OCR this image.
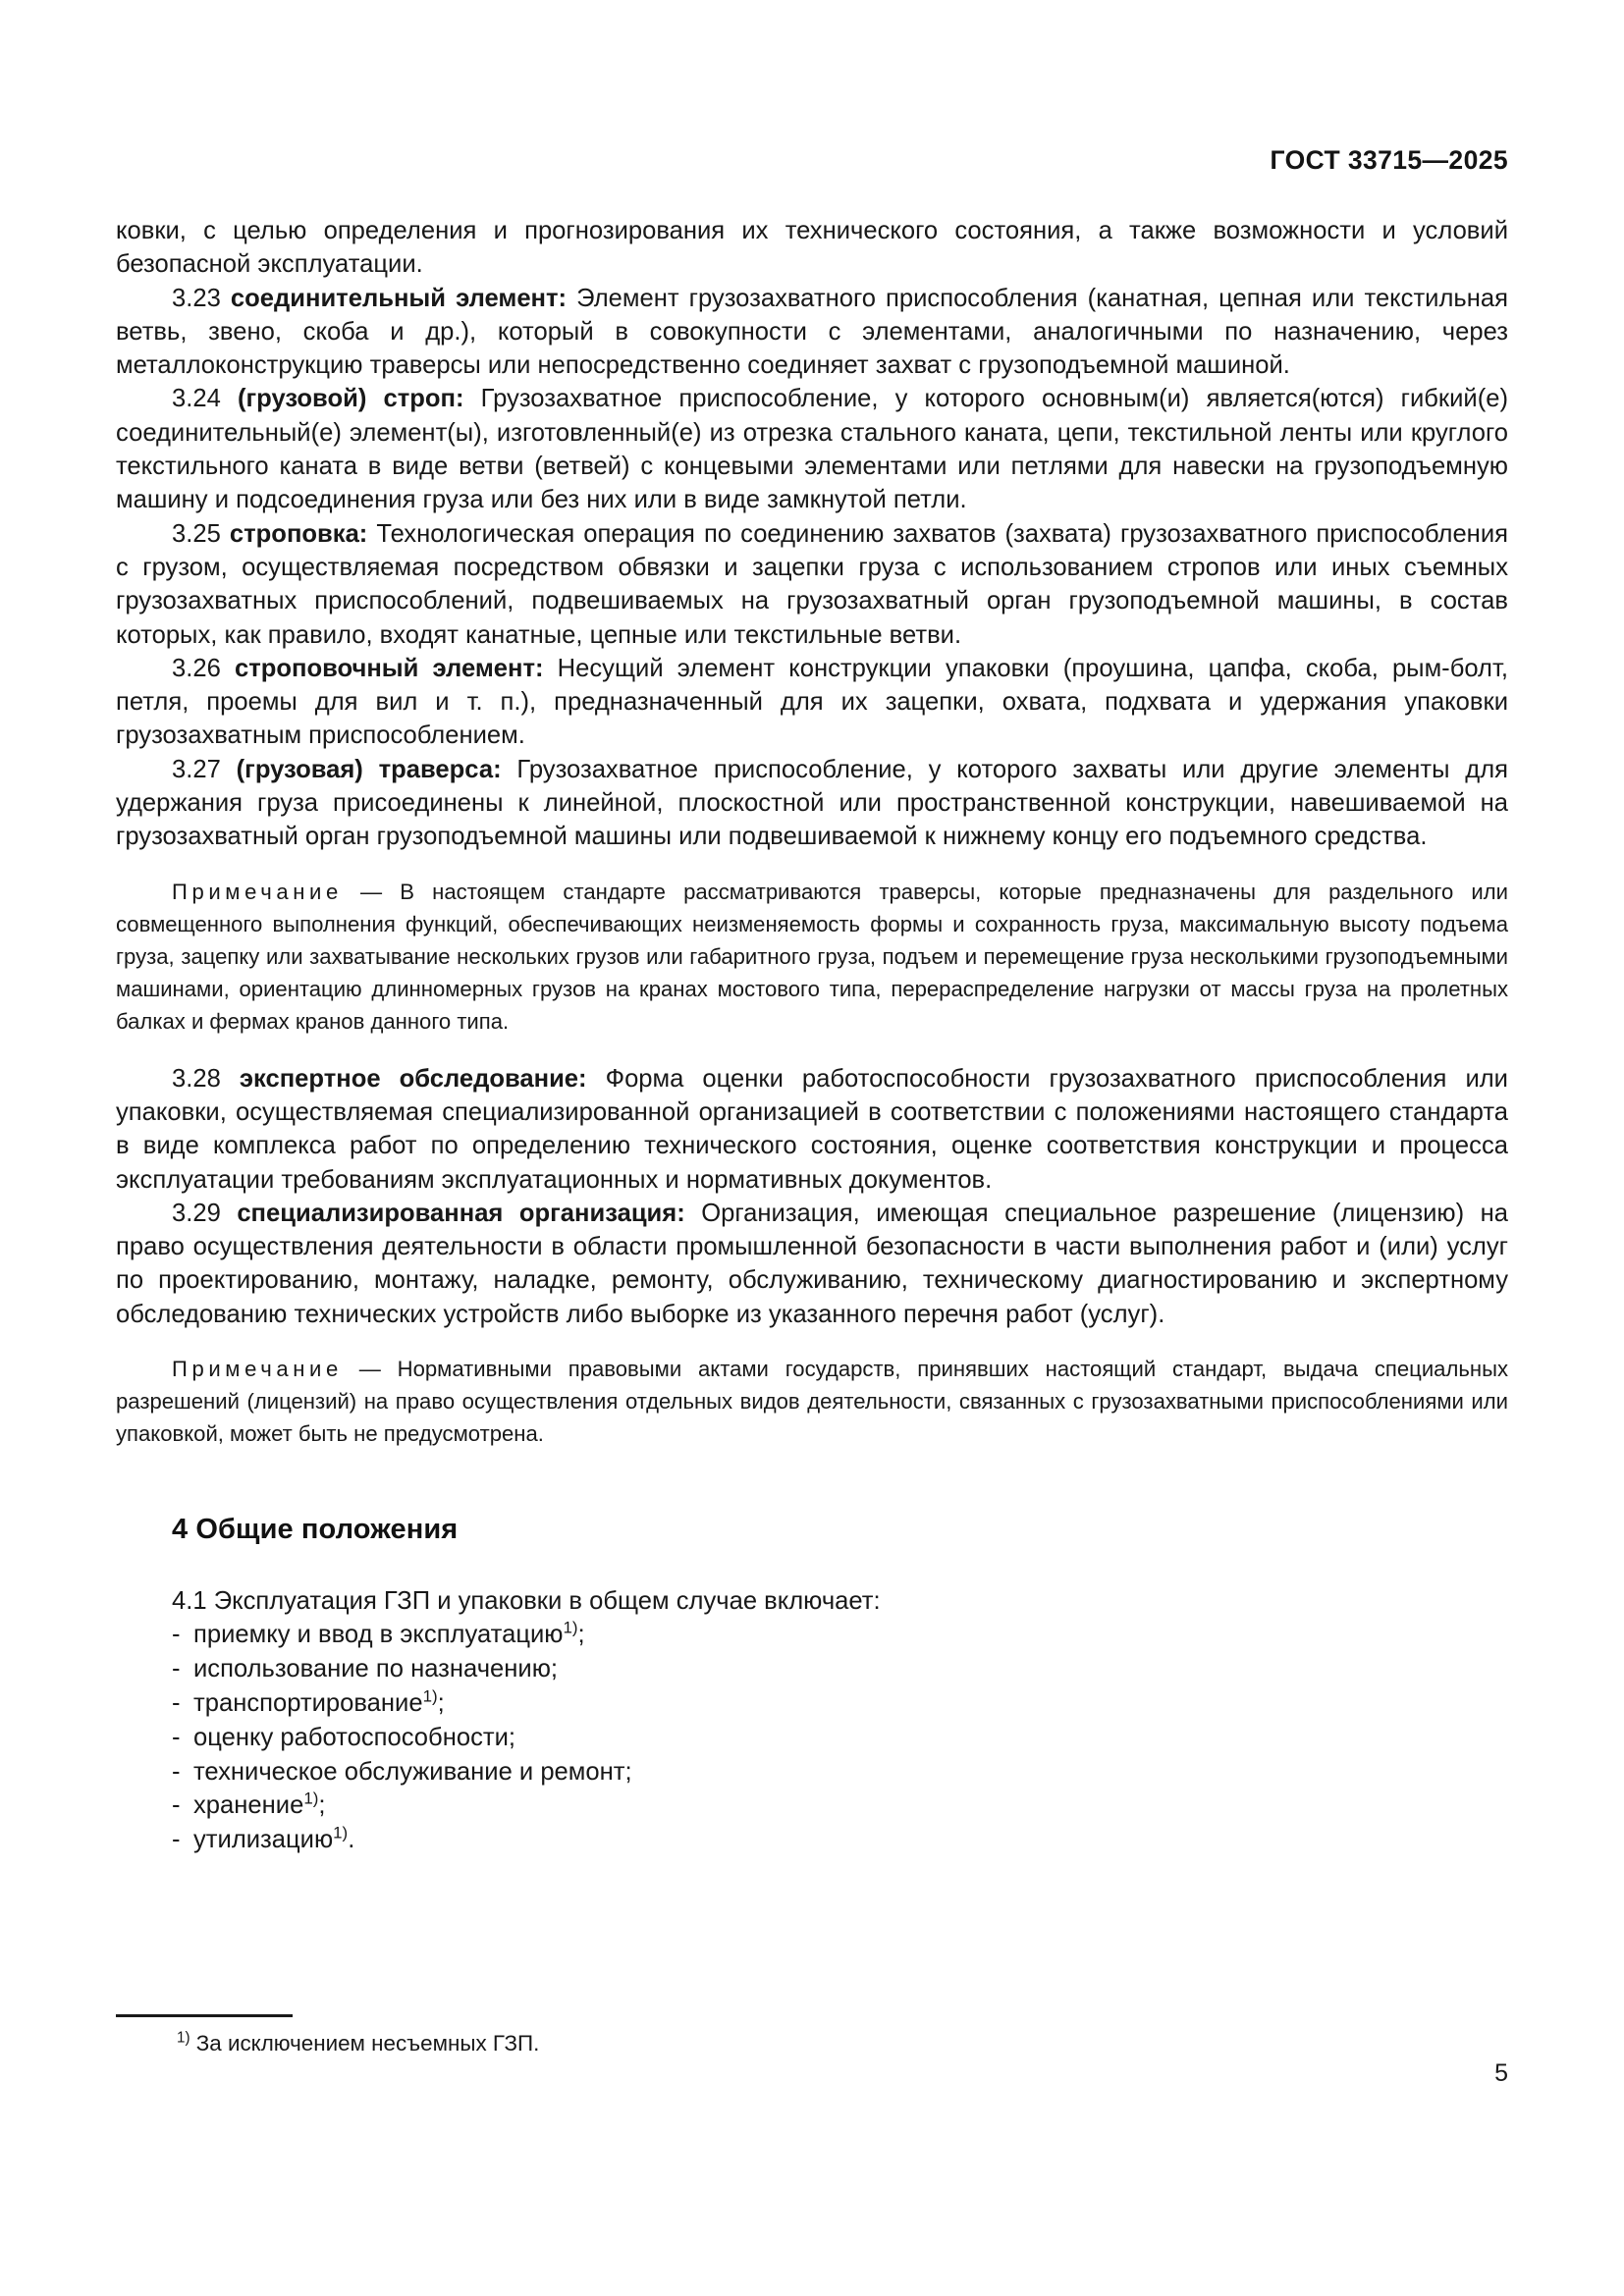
ГОСТ 33715—2025

ковки, с целью определения и прогнозирования их технического состояния, а также возможности и условий безопасной эксплуатации.

3.23 соединительный элемент: Элемент грузозахватного приспособления (канатная, цепная или текстильная ветвь, звено, скоба и др.), который в совокупности с элементами, аналогичными по назначению, через металлоконструкцию траверсы или непосредственно соединяет захват с грузоподъемной машиной.

3.24 (грузовой) строп: Грузозахватное приспособление, у которого основным(и) является(ются) гибкий(е) соединительный(е) элемент(ы), изготовленный(е) из отрезка стального каната, цепи, текстильной ленты или круглого текстильного каната в виде ветви (ветвей) с концевыми элементами или петлями для навески на грузоподъемную машину и подсоединения груза или без них или в виде замкнутой петли.

3.25 строповка: Технологическая операция по соединению захватов (захвата) грузозахватного приспособления с грузом, осуществляемая посредством обвязки и зацепки груза с использованием стропов или иных съемных грузозахватных приспособлений, подвешиваемых на грузозахватный орган грузоподъемной машины, в состав которых, как правило, входят канатные, цепные или текстильные ветви.

3.26 строповочный элемент: Несущий элемент конструкции упаковки (проушина, цапфа, скоба, рым-болт, петля, проемы для вил и т. п.), предназначенный для их зацепки, охвата, подхвата и удержания упаковки грузозахватным приспособлением.

3.27 (грузовая) траверса: Грузозахватное приспособление, у которого захваты или другие элементы для удержания груза присоединены к линейной, плоскостной или пространственной конструкции, навешиваемой на грузозахватный орган грузоподъемной машины или подвешиваемой к нижнему концу его подъемного средства.

Примечание — В настоящем стандарте рассматриваются траверсы, которые предназначены для раздельного или совмещенного выполнения функций, обеспечивающих неизменяемость формы и сохранность груза, максимальную высоту подъема груза, зацепку или захватывание нескольких грузов или габаритного груза, подъем и перемещение груза несколькими грузоподъемными машинами, ориентацию длинномерных грузов на кранах мостового типа, перераспределение нагрузки от массы груза на пролетных балках и фермах кранов данного типа.

3.28 экспертное обследование: Форма оценки работоспособности грузозахватного приспособления или упаковки, осуществляемая специализированной организацией в соответствии с положениями настоящего стандарта в виде комплекса работ по определению технического состояния, оценке соответствия конструкции и процесса эксплуатации требованиям эксплуатационных и нормативных документов.

3.29 специализированная организация: Организация, имеющая специальное разрешение (лицензию) на право осуществления деятельности в области промышленной безопасности в части выполнения работ и (или) услуг по проектированию, монтажу, наладке, ремонту, обслуживанию, техническому диагностированию и экспертному обследованию технических устройств либо выборке из указанного перечня работ (услуг).

Примечание — Нормативными правовыми актами государств, принявших настоящий стандарт, выдача специальных разрешений (лицензий) на право осуществления отдельных видов деятельности, связанных с грузозахватными приспособлениями или упаковкой, может быть не предусмотрена.

4 Общие положения

4.1 Эксплуатация ГЗП и упаковки в общем случае включает:

- приемку и ввод в эксплуатацию$^{1)}$;
- использование по назначению;
- транспортирование$^{1)}$;
- оценку работоспособности;
- техническое обслуживание и ремонт;
- хранение$^{1)}$;
- утилизацию$^{1)}$.
$^{1)}$ За исключением несъемных ГЗП.
5
